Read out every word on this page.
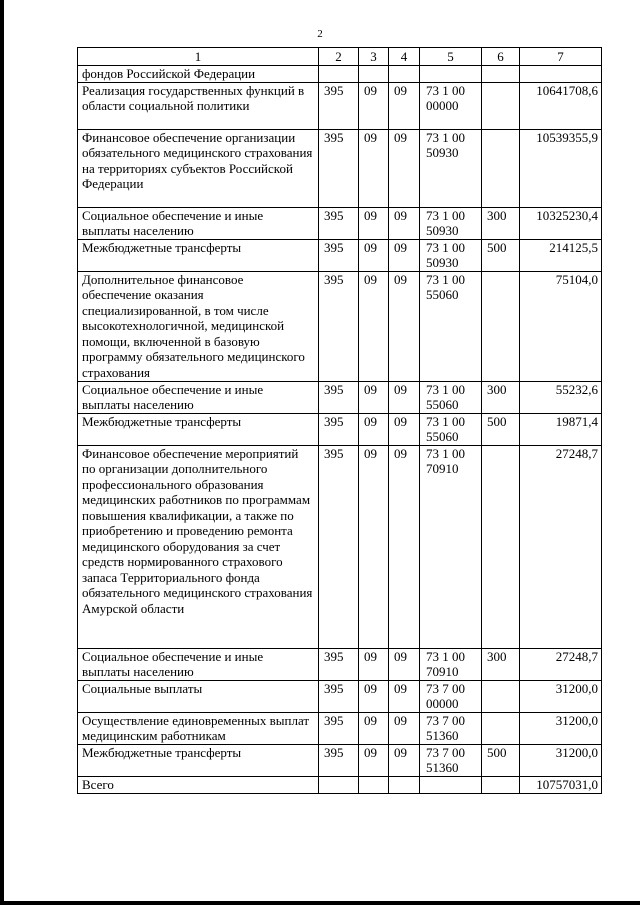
2
1	2	3	4	5	6	7
фондов Российской Федерации						
Реализация государственных функций в области социальной политики	395	09	09	73 1 00 00000		10641708,6
Финансовое обеспечение организации обязательного медицинского страхования на территориях субъектов Российской Федерации	395	09	09	73 1 00 50930		10539355,9
Социальное обеспечение и иные выплаты населению	395	09	09	73 1 00 50930	300	10325230,4
Межбюджетные трансферты	395	09	09	73 1 00 50930	500	214125,5
Дополнительное финансовое обеспечение оказания специализированной, в том числе высокотехнологичной, медицинской помощи, включенной в базовую программу обязательного медицинского страхования	395	09	09	73 1 00 55060		75104,0
Социальное обеспечение и иные выплаты населению	395	09	09	73 1 00 55060	300	55232,6
Межбюджетные трансферты	395	09	09	73 1 00 55060	500	19871,4
Финансовое обеспечение мероприятий по организации дополнительного профессионального образования медицинских работников по программам повышения квалификации, а также по приобретению и проведению ремонта медицинского оборудования за счет средств нормированного страхового запаса Территориального фонда обязательного медицинского страхования Амурской области	395	09	09	73 1 00 70910		27248,7
Социальное обеспечение и иные выплаты населению	395	09	09	73 1 00 70910	300	27248,7
Социальные выплаты	395	09	09	73 7 00 00000		31200,0
Осуществление единовременных выплат медицинским работникам	395	09	09	73 7 00 51360		31200,0
Межбюджетные трансферты	395	09	09	73 7 00 51360	500	31200,0
Всего						10757031,0
